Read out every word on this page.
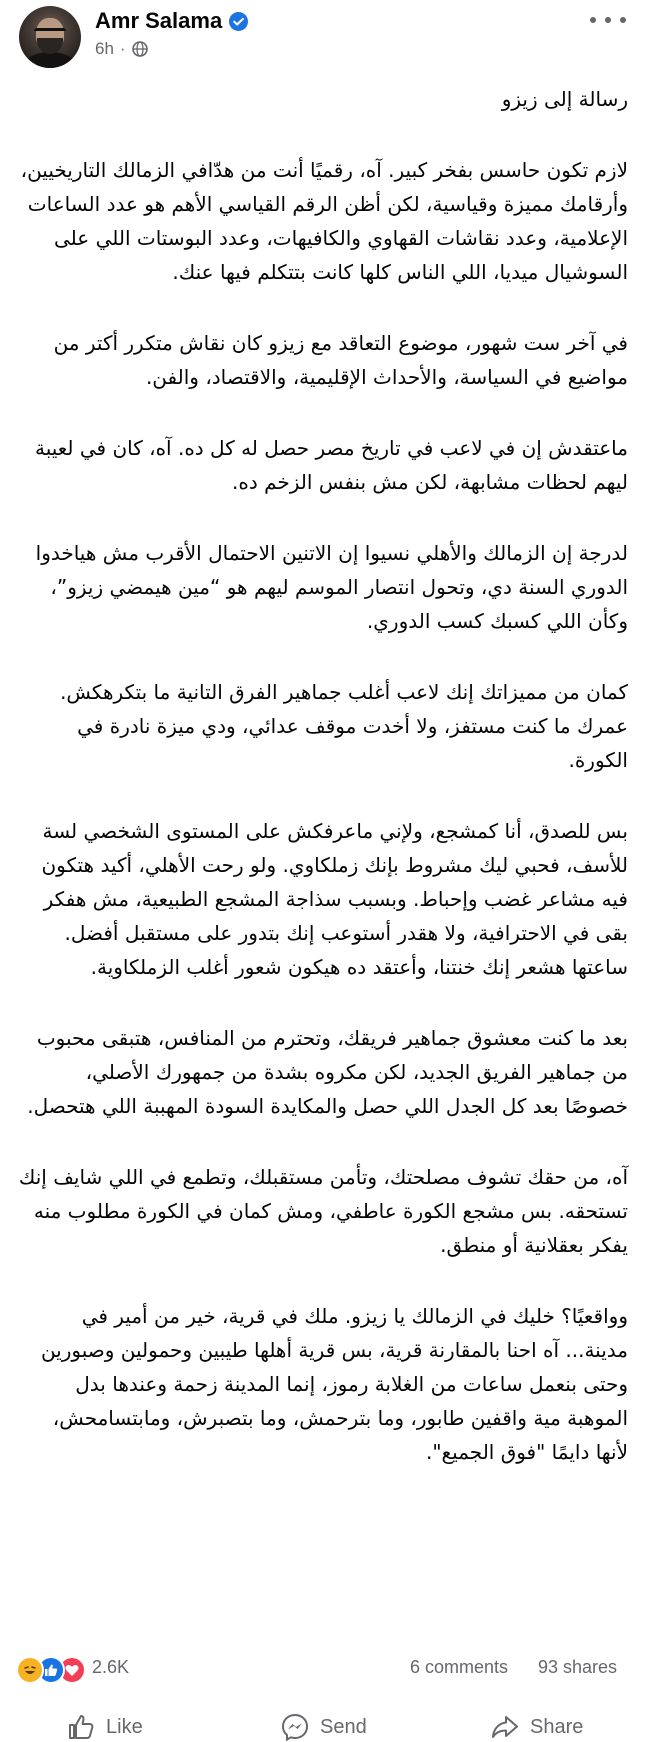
Amr Salama
6h ·

رسالة إلى زيزو

لازم تكون حاسس بفخر كبير. آه، رقميًا أنت من هدّافي الزمالك التاريخيين، وأرقامك مميزة وقياسية، لكن أظن الرقم القياسي الأهم هو عدد الساعات الإعلامية، وعدد نقاشات القهاوي والكافيهات، وعدد البوستات اللي على السوشيال ميديا، اللي الناس كلها كانت بتتكلم فيها عنك.

في آخر ست شهور، موضوع التعاقد مع زيزو كان نقاش متكرر أكتر من مواضيع في السياسة، والأحداث الإقليمية، والاقتصاد، والفن.

ماعتقدش إن في لاعب في تاريخ مصر حصل له كل ده. آه، كان في لعيبة ليهم لحظات مشابهة، لكن مش بنفس الزخم ده.

لدرجة إن الزمالك والأهلي نسيوا إن الاتنين الاحتمال الأقرب مش هياخدوا الدوري السنة دي، وتحول انتصار الموسم ليهم هو “مين هيمضي زيزو”، وكأن اللي كسبك كسب الدوري.

كمان من مميزاتك إنك لاعب أغلب جماهير الفرق التانية ما بتكرهكش. عمرك ما كنت مستفز، ولا أخدت موقف عدائي، ودي ميزة نادرة في الكورة.

بس للصدق، أنا كمشجع، ولإني ماعرفكش على المستوى الشخصي لسة للأسف، فحبي ليك مشروط بإنك زملكاوي. ولو رحت الأهلي، أكيد هتكون فيه مشاعر غضب وإحباط. وبسبب سذاجة المشجع الطبيعية، مش هفكر بقى في الاحترافية، ولا هقدر أستوعب إنك بتدور على مستقبل أفضل. ساعتها هشعر إنك خنتنا، وأعتقد ده هيكون شعور أغلب الزملكاوية.

بعد ما كنت معشوق جماهير فريقك، وتحترم من المنافس، هتبقى محبوب من جماهير الفريق الجديد، لكن مكروه بشدة من جمهورك الأصلي، خصوصًا بعد كل الجدل اللي حصل والمكايدة السودة المهببة اللي هتحصل.

آه، من حقك تشوف مصلحتك، وتأمن مستقبلك، وتطمع في اللي شايف إنك تستحقه. بس مشجع الكورة عاطفي، ومش كمان في الكورة مطلوب منه يفكر بعقلانية أو منطق.

وواقعيًا؟ خليك في الزمالك يا زيزو. ملك في قرية، خير من أمير في مدينة... آه احنا بالمقارنة قرية، بس قرية أهلها طيبين وحمولين وصبورين وحتى بنعمل ساعات من الغلابة رموز، إنما المدينة زحمة وعندها بدل الموهبة مية واقفين طابور، وما بترحمش، وما بتصبرش، ومابتسامحش، لأنها دايمًا "فوق الجميع".

2.6K	6 comments 93 shares
Like	Send	Share
